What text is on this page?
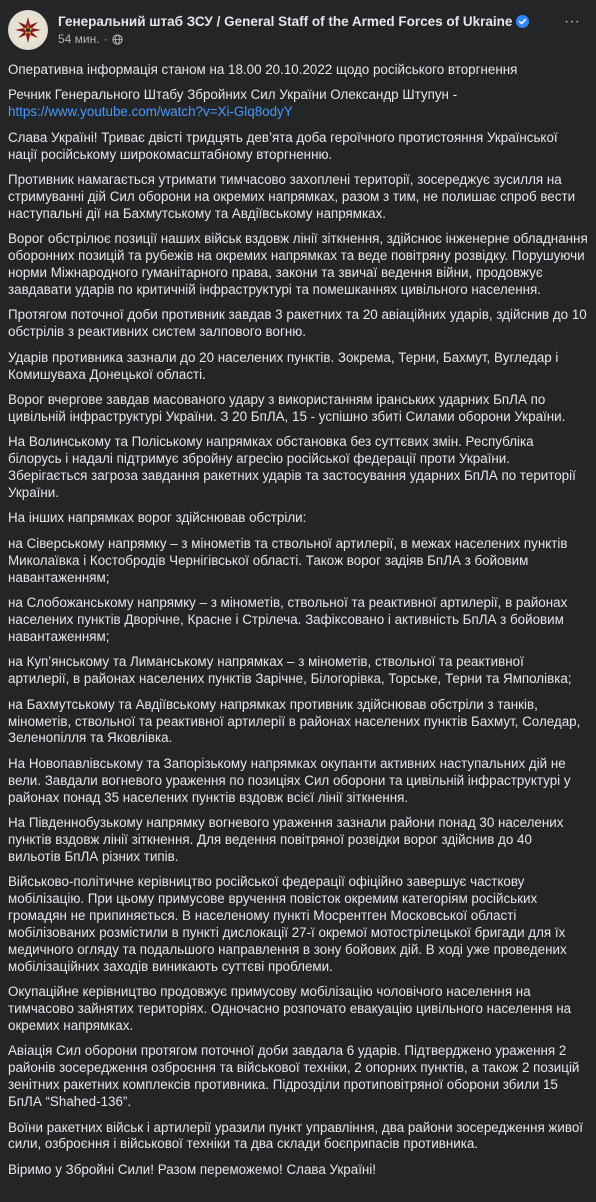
Генеральний штаб ЗСУ / General Staff of the Armed Forces of Ukraine
54 мин. ·
···

Оперативна інформація станом на 18.00 20.10.2022 щодо російського вторгнення

Речник Генерального Штабу Збройних Сил України Олександр Штупун - https://www.youtube.com/watch?v=Xi-Glq8odyY

Слава Україні! Триває двісті тридцять дев’ята доба героїчного протистояння Української нації російському широкомасштабному вторгненню.

Противник намагається утримати тимчасово захоплені території, зосереджує зусилля на стримуванні дій Сил оборони на окремих напрямках, разом з тим, не полишає спроб вести наступальні дії на Бахмутському та Авдіївському напрямках.

Ворог обстрілює позиції наших військ вздовж лінії зіткнення, здійснює інженерне обладнання оборонних позицій та рубежів на окремих напрямках та веде повітряну розвідку. Порушуючи норми Міжнародного гуманітарного права, закони та звичаї ведення війни, продовжує завдавати ударів по критичній інфраструктурі та помешканнях цивільного населення.

Протягом поточної доби противник завдав 3 ракетних та 20 авіаційних ударів, здійснив до 10 обстрілів з реактивних систем залпового вогню.

Ударів противника зазнали до 20 населених пунктів. Зокрема, Терни, Бахмут, Вугледар і Комишуваха Донецької області.

Ворог вчергове завдав масованого удару з використанням іранських ударних БпЛА по цивільній інфраструктурі України. З 20 БпЛА, 15 - успішно збиті Силами оборони України.

На Волинському та Поліському напрямках обстановка без суттєвих змін. Республіка білорусь і надалі підтримує збройну агресію російської федерації проти України. Зберігається загроза завдання ракетних ударів та застосування ударних БпЛА по території України.

На інших напрямках ворог здійснював обстріли:

на Сіверському напрямку – з мінометів та ствольної артилерії, в межах населених пунктів Миколаївка і Костобродів Чернігівської області. Також ворог задіяв БпЛА з бойовим навантаженням;

на Слобожанському напрямку – з мінометів, ствольної та реактивної артилерії, в районах населених пунктів Дворічне, Красне і Стрілеча. Зафіксовано і активність БпЛА з бойовим навантаженням;

на Куп’янському та Лиманському напрямках – з мінометів, ствольної та реактивної артилерії, в районах населених пунктів Зарічне, Білогорівка, Торське, Терни та Ямполівка;

на Бахмутському та Авдіївському напрямках противник здійснював обстріли з танків, мінометів, ствольної та реактивної артилерії в районах населених пунктів Бахмут, Соледар, Зеленопілля та Яковлівка.

На Новопавлівському та Запорізькому напрямках окупанти активних наступальних дій не вели. Завдали вогневого ураження по позиціях Сил оборони та цивільній інфраструктурі у районах понад 35 населених пунктів вздовж всієї лінії зіткнення.

На Південнобузькому напрямку вогневого ураження зазнали райони понад 30 населених пунктів вздовж лінії зіткнення. Для ведення повітряної розвідки ворог здійснив до 40 вильотів БпЛА різних типів.

Військово-політичне керівництво російської федерації офіційно завершує часткову мобілізацію. При цьому примусове вручення повісток окремим категоріям російських громадян не припиняється. В населеному пункті Мосрентген Московської області мобілізованих розмістили в пункті дислокації 27-ї окремої мотострілецької бригади для їх медичного огляду та подальшого направлення в зону бойових дій. В ході уже проведених мобілізаційних заходів виникають суттєві проблеми.

Окупаційне керівництво продовжує примусову мобілізацію чоловічого населення на тимчасово зайнятих територіях. Одночасно розпочато евакуацію цивільного населення на окремих напрямках.

Авіація Сил оборони протягом поточної доби завдала 6 ударів. Підтверджено ураження 2 районів зосередження озброєння та військової техніки, 2 опорних пунктів, а також 2 позицій зенітних ракетних комплексів противника. Підрозділи протиповітряної оборони збили 15 БпЛА “Shahed-136”.

Воїни ракетних військ і артилерії уразили пункт управління, два райони зосередження живої сили, озброєння і військової техніки та два склади боєприпасів противника.

Віримо у Збройні Сили! Разом переможемо! Слава Україні!
